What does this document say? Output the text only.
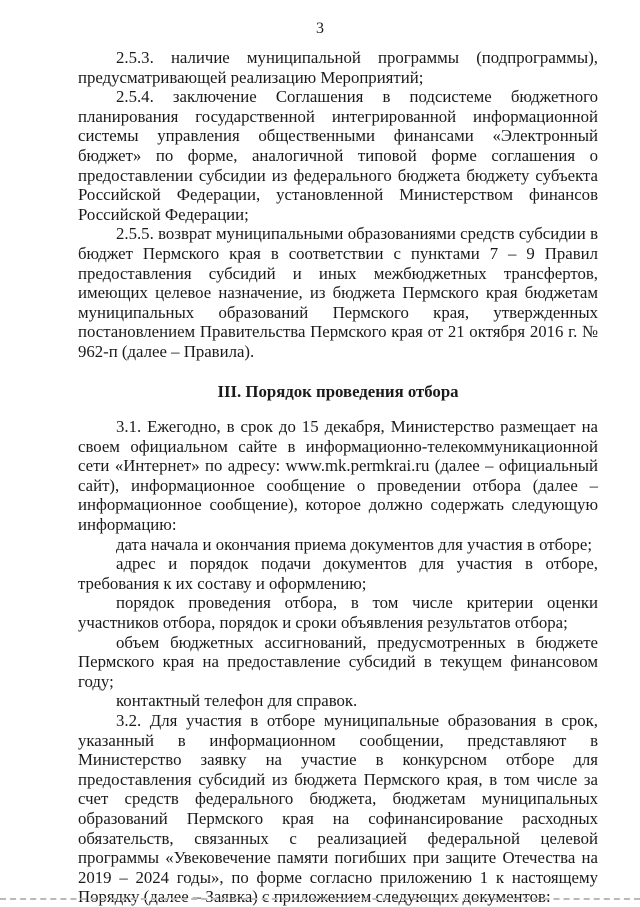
3

2.5.3. наличие муниципальной программы (подпрограммы), предусматривающей реализацию Мероприятий;

2.5.4. заключение Соглашения в подсистеме бюджетного планирования государственной интегрированной информационной системы управления общественными финансами «Электронный бюджет» по форме, аналогичной типовой форме соглашения о предоставлении субсидии из федерального бюджета бюджету субъекта Российской Федерации, установленной Министерством финансов Российской Федерации;

2.5.5. возврат муниципальными образованиями средств субсидии в бюджет Пермского края в соответствии с пунктами 7 – 9 Правил предоставления субсидий и иных межбюджетных трансфертов, имеющих целевое назначение, из бюджета Пермского края бюджетам муниципальных образований Пермского края, утвержденных постановлением Правительства Пермского края от 21 октября 2016 г. № 962-п (далее – Правила).

III. Порядок проведения отбора

3.1. Ежегодно, в срок до 15 декабря, Министерство размещает на своем официальном сайте в информационно-телекоммуникационной сети «Интернет» по адресу: www.mk.permkrai.ru (далее – официальный сайт), информационное сообщение о проведении отбора (далее – информационное сообщение), которое должно содержать следующую информацию:

дата начала и окончания приема документов для участия в отборе;

адрес и порядок подачи документов для участия в отборе, требования к их составу и оформлению;

порядок проведения отбора, в том числе критерии оценки участников отбора, порядок и сроки объявления результатов отбора;

объем бюджетных ассигнований, предусмотренных в бюджете Пермского края на предоставление субсидий в текущем финансовом году;

контактный телефон для справок.

3.2. Для участия в отборе муниципальные образования в срок, указанный в информационном сообщении, представляют в Министерство заявку на участие в конкурсном отборе для предоставления субсидий из бюджета Пермского края, в том числе за счет средств федерального бюджета, бюджетам муниципальных образований Пермского края на софинансирование расходных обязательств, связанных с реализацией федеральной целевой программы «Увековечение памяти погибших при защите Отечества на 2019 – 2024 годы», по форме согласно приложению 1 к настоящему Порядку (далее – Заявка) с приложением следующих документов:
